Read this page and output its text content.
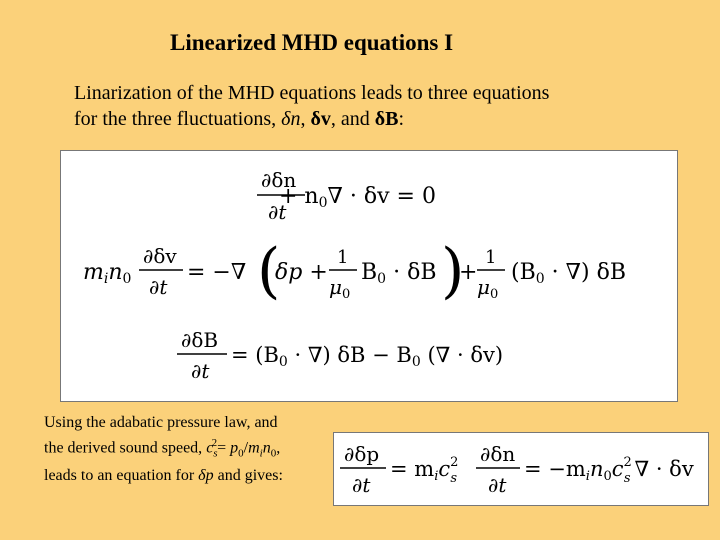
Linearized MHD equations I
Linarization of the MHD equations leads to three equations
for the three fluctuations, δn, δv, and δB:
∂δn
∂t
+ n0∇ · δv = 0
min0
∂δv
∂t
= −∇ (
δp +
1
$\mu_0$
B0 · δB )
+
1
$\mu_0$
(B0 · ∇) δB
∂δB
∂t
= (B0 · ∇) δB − B0 (∇ · δv)
Using the adabatic pressure law, and the derived sound speed, $c_s^2= p_0/m_in_0$, leads to an equation for δp and gives:
∂δp
∂t
= mic$^2$ s
∂δn
∂t
= $-\min 0c^2$ s ∇ · δv
